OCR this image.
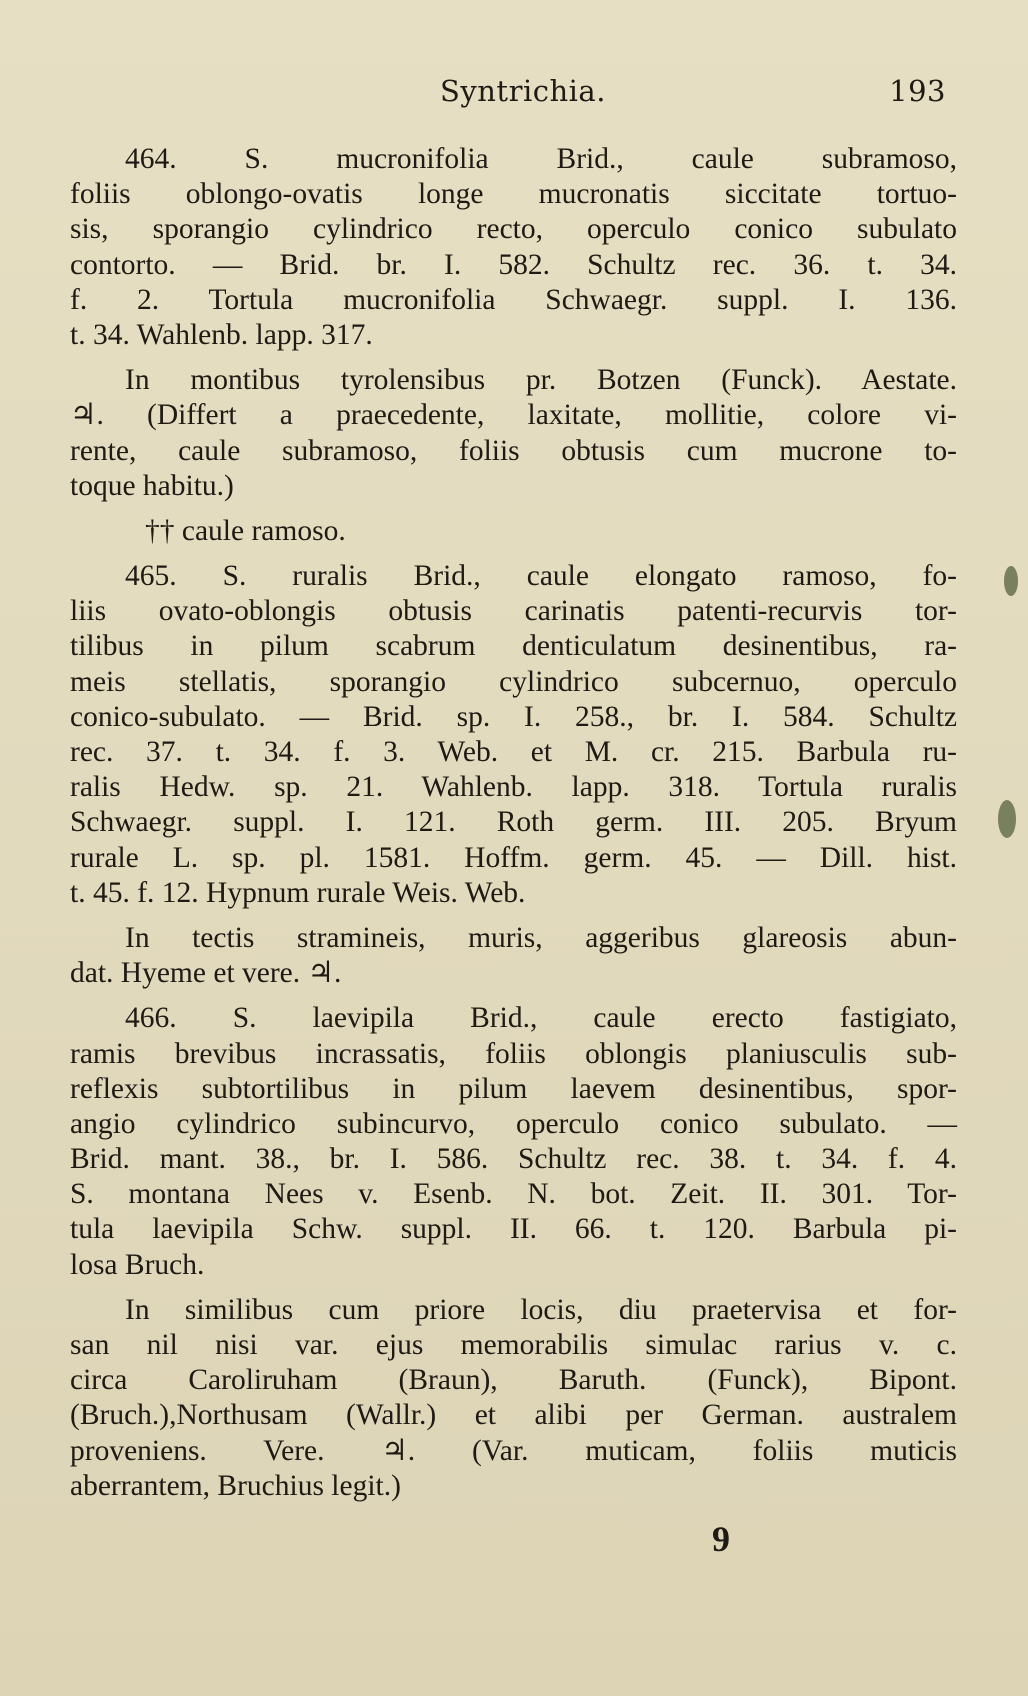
Syntrichia.	193
464. S. mucronifolia Brid., caule subramoso,
foliis oblongo-ovatis longe mucronatis siccitate tortuo-
sis, sporangio cylindrico recto, operculo conico subulato
contorto. — Brid. br. I. 582. Schultz rec. 36. t. 34.
f. 2. Tortula mucronifolia Schwaegr. suppl. I. 136.
t. 34. Wahlenb. lapp. 317.
In montibus tyrolensibus pr. Botzen (Funck). Aestate.
♃. (Differt a praecedente, laxitate, mollitie, colore vi-
rente, caule subramoso, foliis obtusis cum mucrone to-
toque habitu.)
†† caule ramoso.
465. S. ruralis Brid., caule elongato ramoso, fo-
liis ovato-oblongis obtusis carinatis patenti-recurvis tor-
tilibus in pilum scabrum denticulatum desinentibus, ra-
meis stellatis, sporangio cylindrico subcernuo, operculo
conico-subulato. — Brid. sp. I. 258., br. I. 584. Schultz
rec. 37. t. 34. f. 3. Web. et M. cr. 215. Barbula ru-
ralis Hedw. sp. 21. Wahlenb. lapp. 318. Tortula ruralis
Schwaegr. suppl. I. 121. Roth germ. III. 205. Bryum
rurale L. sp. pl. 1581. Hoffm. germ. 45. — Dill. hist.
t. 45. f. 12. Hypnum rurale Weis. Web.
In tectis stramineis, muris, aggeribus glareosis abun-
dat. Hyeme et vere. ♃.
466. S. laevipila Brid., caule erecto fastigiato,
ramis brevibus incrassatis, foliis oblongis planiusculis sub-
reflexis subtortilibus in pilum laevem desinentibus, spor-
angio cylindrico subincurvo, operculo conico subulato. —
Brid. mant. 38., br. I. 586. Schultz rec. 38. t. 34. f. 4.
S. montana Nees v. Esenb. N. bot. Zeit. II. 301. Tor-
tula laevipila Schw. suppl. II. 66. t. 120. Barbula pi-
losa Bruch.
In similibus cum priore locis, diu praetervisa et for-
san nil nisi var. ejus memorabilis simulac rarius v. c.
circa Caroliruham (Braun), Baruth. (Funck), Bipont.
(Bruch.),Northusam (Wallr.) et alibi per German. australem
proveniens. Vere. ♃. (Var. muticam, foliis muticis
aberrantem, Bruchius legit.)
9
